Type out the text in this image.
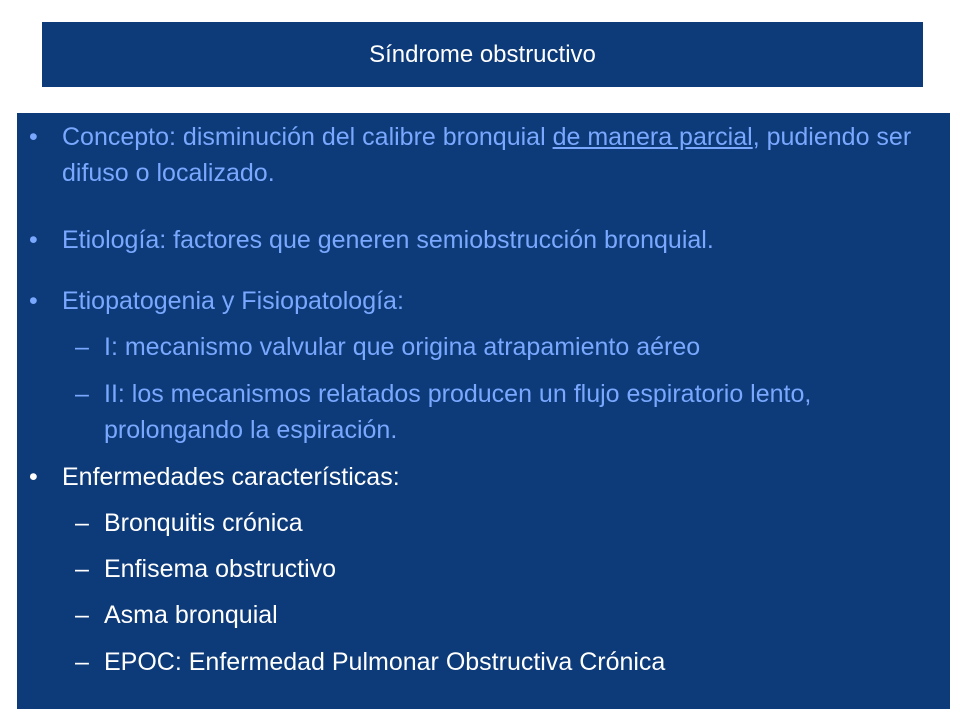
Síndrome obstructivo
• Concepto: disminución del calibre bronquial de manera parcial, pudiendo ser difuso o localizado.
• Etiología: factores que generen semiobstrucción bronquial.
• Etiopatogenia y Fisiopatología:
– I: mecanismo valvular que origina atrapamiento aéreo
– II: los mecanismos relatados producen un flujo espiratorio lento, prolongando la espiración.
• Enfermedades características:
– Bronquitis crónica
– Enfisema obstructivo
– Asma bronquial
– EPOC: Enfermedad Pulmonar Obstructiva Crónica
